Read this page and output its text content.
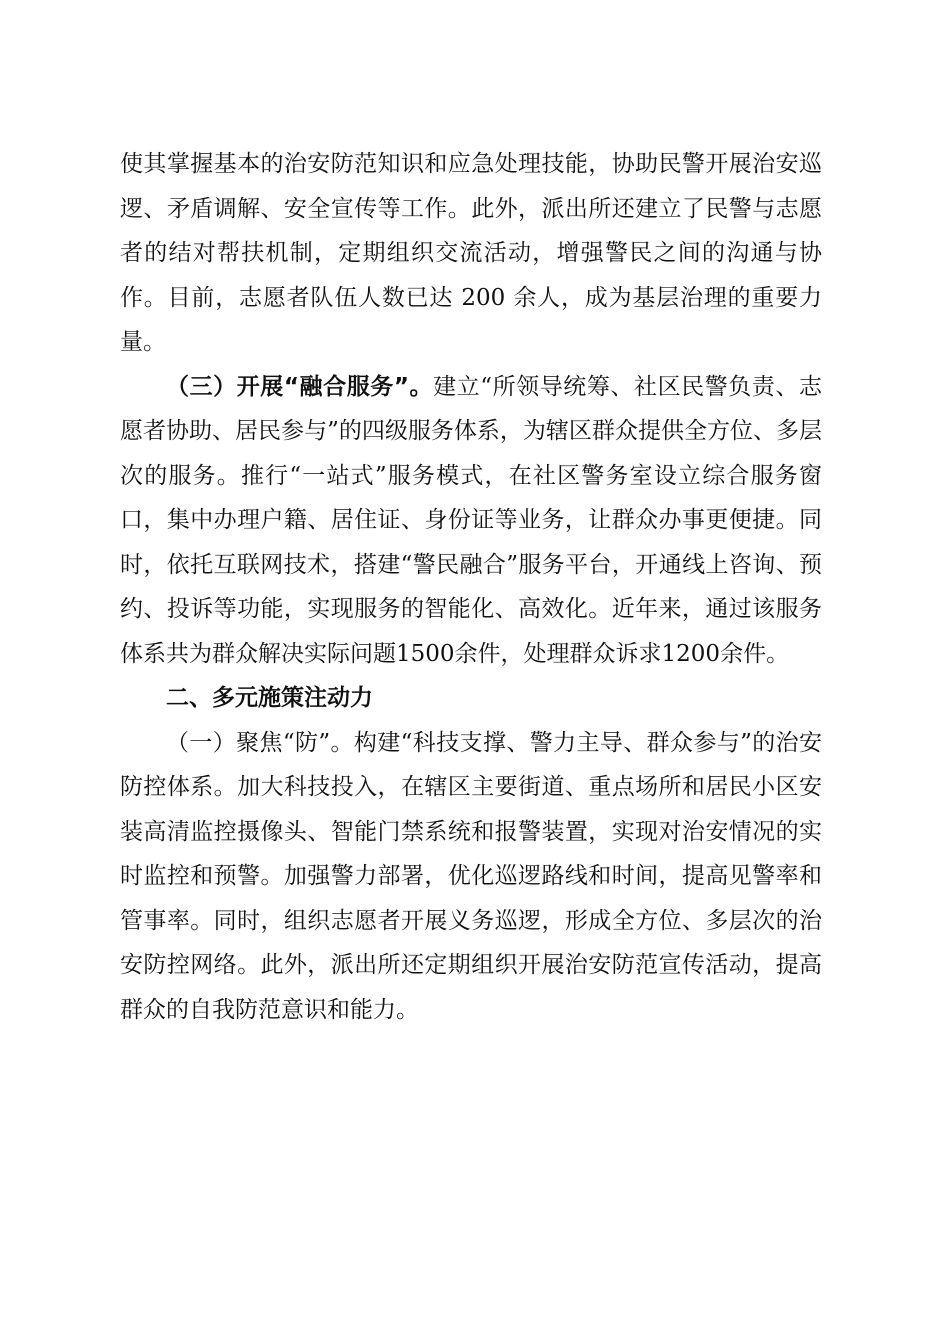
使其掌握基本的治安防范知识和应急处理技能，协助民警开展治安巡逻、矛盾调解、安全宣传等工作。此外，派出所还建立了民警与志愿者的结对帮扶机制，定期组织交流活动，增强警民之间的沟通与协作。目前，志愿者队伍人数已达 200 余人，成为基层治理的重要力量。

（三）开展“融合服务”。建立“所领导统筹、社区民警负责、志愿者协助、居民参与”的四级服务体系，为辖区群众提供全方位、多层次的服务。推行“一站式”服务模式，在社区警务室设立综合服务窗口，集中办理户籍、居住证、身份证等业务，让群众办事更便捷。同时，依托互联网技术，搭建“警民融合”服务平台，开通线上咨询、预约、投诉等功能，实现服务的智能化、高效化。近年来，通过该服务体系共为群众解决实际问题1500余件，处理群众诉求1200余件。

二、多元施策注动力

（一）聚焦“防”。构建“科技支撑、警力主导、群众参与”的治安防控体系。加大科技投入，在辖区主要街道、重点场所和居民小区安装高清监控摄像头、智能门禁系统和报警装置，实现对治安情况的实时监控和预警。加强警力部署，优化巡逻路线和时间，提高见警率和管事率。同时，组织志愿者开展义务巡逻，形成全方位、多层次的治安防控网络。此外，派出所还定期组织开展治安防范宣传活动，提高群众的自我防范意识和能力。
